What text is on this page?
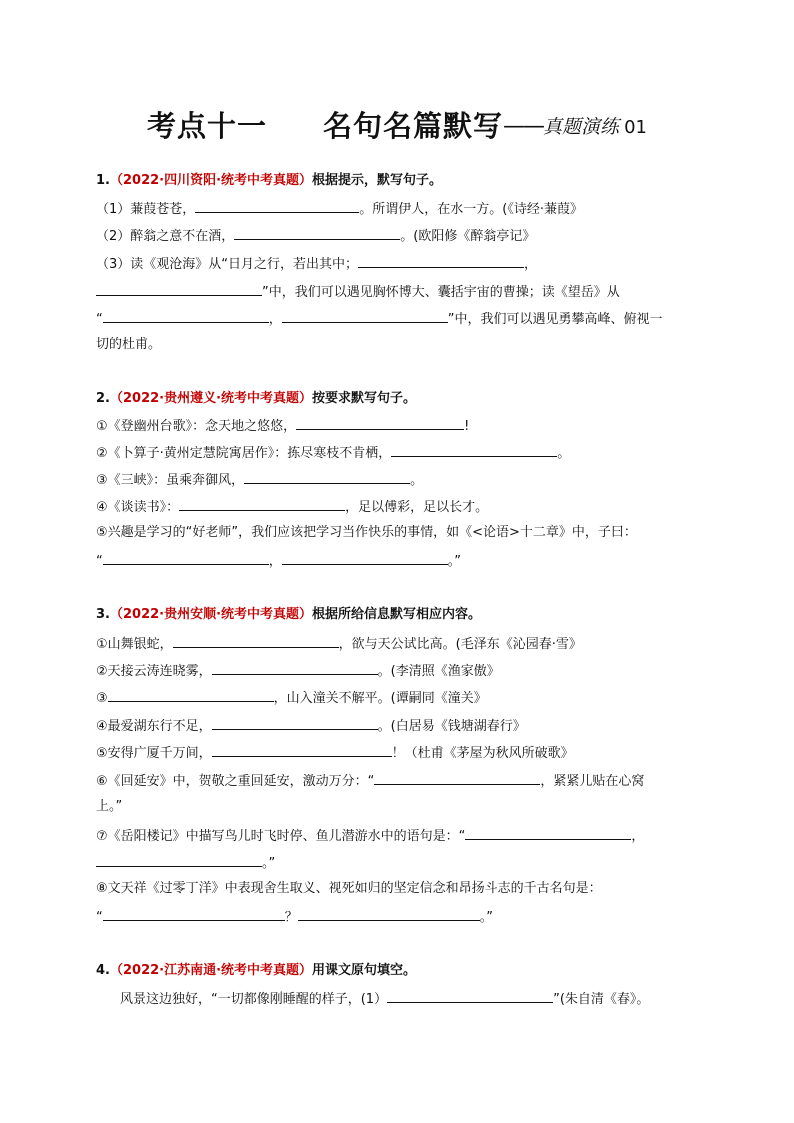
考点十一 名句名篇默写——真题演练 01
1.（2022·四川资阳·统考中考真题）根据提示，默写句子。
（1）蒹葭苍苍，	。所谓伊人，在水一方。(《诗经·蒹葭》
（2）醉翁之意不在酒，	。(欧阳修《醉翁亭记》
（3）读《观沧海》从“日月之行，若出其中；	，
”中，我们可以遇见胸怀博大、囊括宇宙的曹操；读《望岳》从
“	，	”中，我们可以遇见勇攀高峰、俯视一
切的杜甫。
2.（2022·贵州遵义·统考中考真题）按要求默写句子。
①《登幽州台歌》：念天地之悠悠，	!
②《卜算子·黄州定慧院寓居作》：拣尽寒枝不肯栖，	。
③《三峡》：虽乘奔御风，	。
④《谈读书》：	，足以傅彩，足以长才。
⑤兴趣是学习的“好老师”，我们应该把学习当作快乐的事情，如《<论语>十二章》中，子曰：
“	，	。”
3.（2022·贵州安顺·统考中考真题）根据所给信息默写相应内容。
①山舞银蛇，	，欲与天公试比高。(毛泽东《沁园春·雪》
②天接云涛连晓雾，	。(李清照《渔家傲》
③	，山入潼关不解平。(谭嗣同《潼关》
④最爱湖东行不足，	。(白居易《钱塘湖春行》
⑤安得广厦千万间，	！（杜甫《茅屋为秋风所破歌》
⑥《回延安》中，贺敬之重回延安，激动万分：“	，紧紧儿贴在心窝
上。”
⑦《岳阳楼记》中描写鸟儿时飞时停、鱼儿潜游水中的语句是：“	，
。”
⑧文天祥《过零丁洋》中表现舍生取义、视死如归的坚定信念和昂扬斗志的千古名句是：
“	？	。”
4.（2022·江苏南通·统考中考真题）用课文原句填空。
风景这边独好，“一切都像刚睡醒的样子，(1）	”(朱自清《春》。
